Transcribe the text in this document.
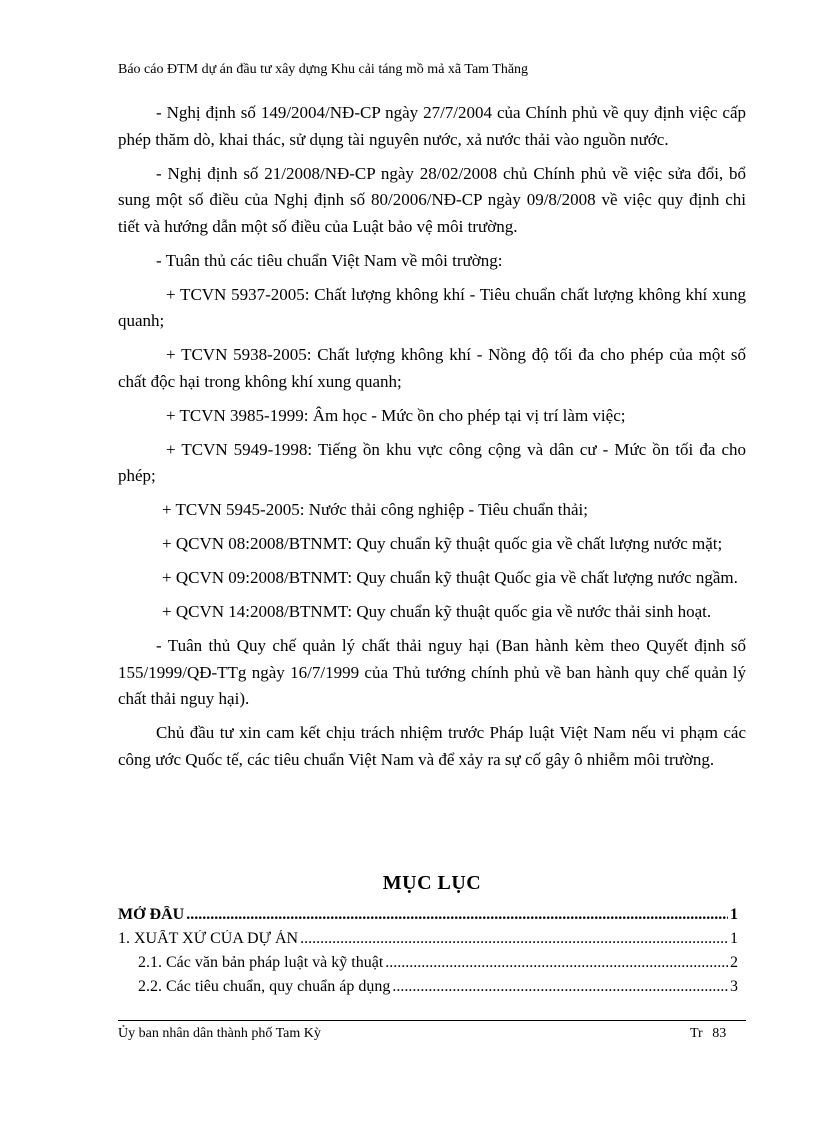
Báo cáo ĐTM dự án đầu tư xây dựng Khu cải táng mồ mả xã Tam Thăng

- Nghị định số 149/2004/NĐ-CP ngày 27/7/2004 của Chính phủ về quy định việc cấp phép thăm dò, khai thác, sử dụng tài nguyên nước, xả nước thải vào nguồn nước.

- Nghị định số 21/2008/NĐ-CP ngày 28/02/2008 chủ Chính phủ về việc sửa đổi, bổ sung một số điều của Nghị định số 80/2006/NĐ-CP ngày 09/8/2008 về việc quy định chi tiết và hướng dẫn một số điều của Luật bảo vệ môi trường.

- Tuân thủ các tiêu chuẩn Việt Nam về môi trường:

+ TCVN 5937-2005: Chất lượng không khí - Tiêu chuẩn chất lượng không khí xung quanh;

+ TCVN 5938-2005: Chất lượng không khí - Nồng độ tối đa cho phép của một số chất độc hại trong không khí xung quanh;

+ TCVN 3985-1999: Âm học - Mức ồn cho phép tại vị trí làm việc;

+ TCVN 5949-1998: Tiếng ồn khu vực công cộng và dân cư - Mức ồn tối đa cho phép;

+ TCVN 5945-2005: Nước thải công nghiệp - Tiêu chuẩn thải;

+ QCVN 08:2008/BTNMT: Quy chuẩn kỹ thuật quốc gia về chất lượng nước mặt;

+ QCVN 09:2008/BTNMT: Quy chuẩn kỹ thuật Quốc gia về chất lượng nước ngầm.

+ QCVN 14:2008/BTNMT: Quy chuẩn kỹ thuật quốc gia về nước thải sinh hoạt.

- Tuân thủ Quy chế quản lý chất thải nguy hại (Ban hành kèm theo Quyết định số 155/1999/QĐ-TTg ngày 16/7/1999 của Thủ tướng chính phủ về ban hành quy chế quản lý chất thải nguy hại).

Chủ đầu tư xin cam kết chịu trách nhiệm trước Pháp luật Việt Nam nếu vi phạm các công ước Quốc tế, các tiêu chuẩn Việt Nam và để xảy ra sự cố gây ô nhiễm môi trường.

MỤC LỤC
MỞ ĐẦU .....	1
1. XUẤT XỨ CỦA DỰ ÁN .....	1
2.1. Các văn bản pháp luật và kỹ thuật .....	2
2.2. Các tiêu chuẩn, quy chuẩn áp dụng .....	3
Ủy ban nhân dân thành phố Tam Kỳ	Tr 83
